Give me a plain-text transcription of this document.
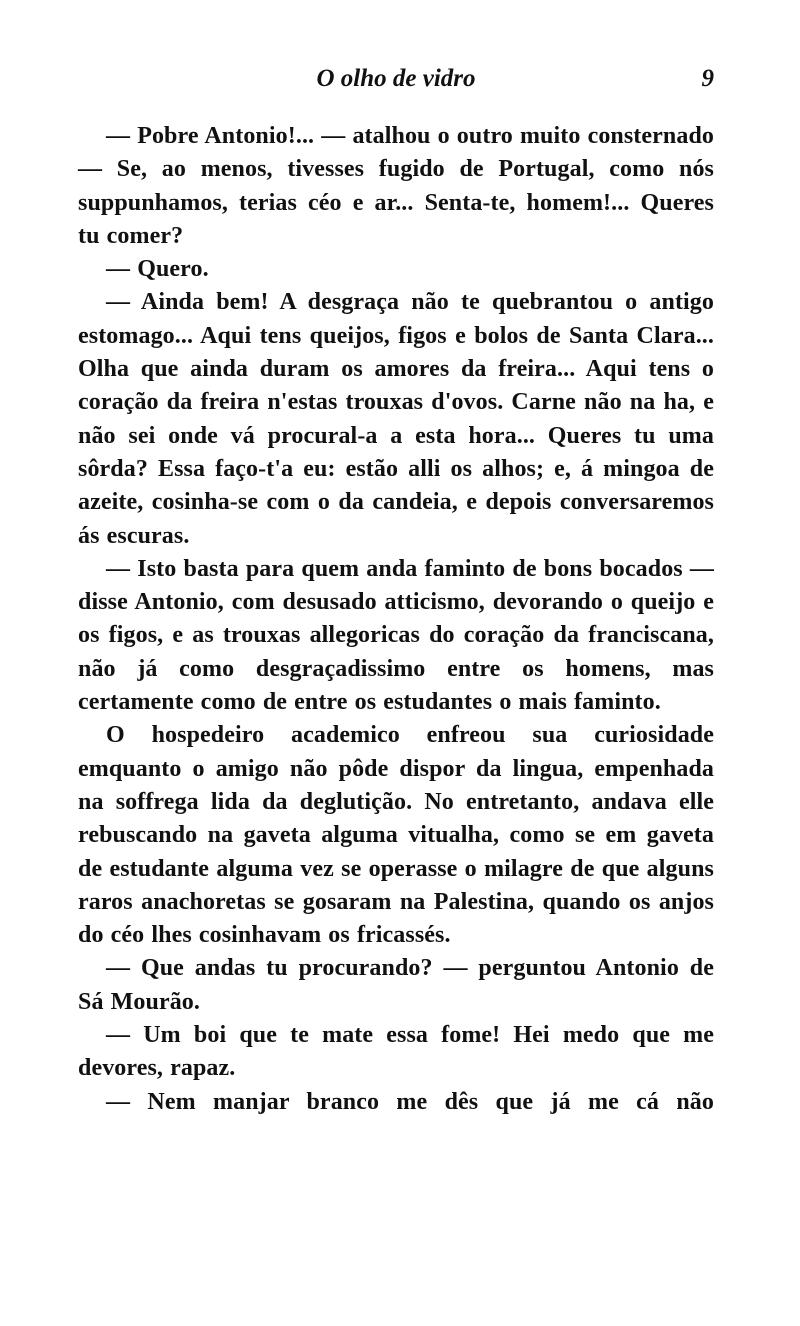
O olho de vidro	9

— Pobre Antonio!... — atalhou o outro muito consternado — Se, ao menos, tivesses fugido de Portugal, como nós suppunhamos, terias céo e ar... Senta-te, homem!... Queres tu comer?

— Quero.

— Ainda bem! A desgraça não te quebrantou o antigo estomago... Aqui tens queijos, figos e bolos de Santa Clara... Olha que ainda duram os amores da freira... Aqui tens o coração da freira n'estas trouxas d'ovos. Carne não na ha, e não sei onde vá procural-a a esta hora... Queres tu uma sôrda? Essa faço-t'a eu: estão alli os alhos; e, á mingoa de azeite, cosinha-se com o da candeia, e depois conversaremos ás escuras.

— Isto basta para quem anda faminto de bons bocados — disse Antonio, com desusado atticismo, devorando o queijo e os figos, e as trouxas allegoricas do coração da franciscana, não já como desgraçadissimo entre os homens, mas certamente como de entre os estudantes o mais faminto.

O hospedeiro academico enfreou sua curiosidade emquanto o amigo não pôde dispor da lingua, empenhada na soffrega lida da deglutição. No entretanto, andava elle rebuscando na gaveta alguma vitualha, como se em gaveta de estudante alguma vez se operasse o milagre de que alguns raros anachoretas se gosaram na Palestina, quando os anjos do céo lhes cosinhavam os fricassés.

— Que andas tu procurando? — perguntou Antonio de Sá Mourão.

— Um boi que te mate essa fome! Hei medo que me devores, rapaz.

— Nem manjar branco me dês que já me cá não
